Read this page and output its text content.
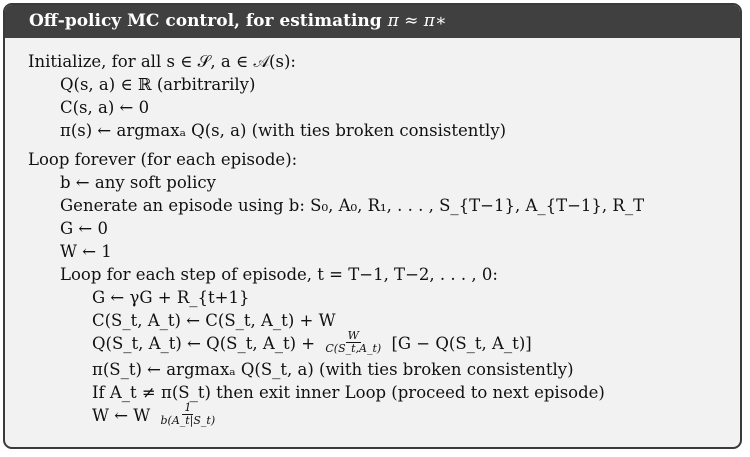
Off-policy MC control, for estimating π ≈ π∗
Initialize, for all s ∈ 𝒮, a ∈ 𝒜(s):
Q(s, a) ∈ ℝ (arbitrarily)
C(s, a) ← 0
π(s) ← argmaxₐ Q(s, a) (with ties broken consistently)
Loop forever (for each episode):
b ← any soft policy
Generate an episode using b: S₀, A₀, R₁, . . . , S_{T−1}, A_{T−1}, R_T
G ← 0
W ← 1
Loop for each step of episode, t = T−1, T−2, . . . , 0:
G ← γG + R_{t+1}
C(S_t, A_t) ← C(S_t, A_t) + W
Q(S_t, A_t) ← Q(S_t, A_t) + $\frac{W}{C(S\_t,A\_t)} [G$ − Q(S_t, A_t)]
π(S_t) ← argmaxₐ Q(S_t, a) (with ties broken consistently)
If A_t ≠ π(S_t) then exit inner Loop (proceed to next episode)
W ← W $\frac{1}{b(A\_t|S\_t)}$
